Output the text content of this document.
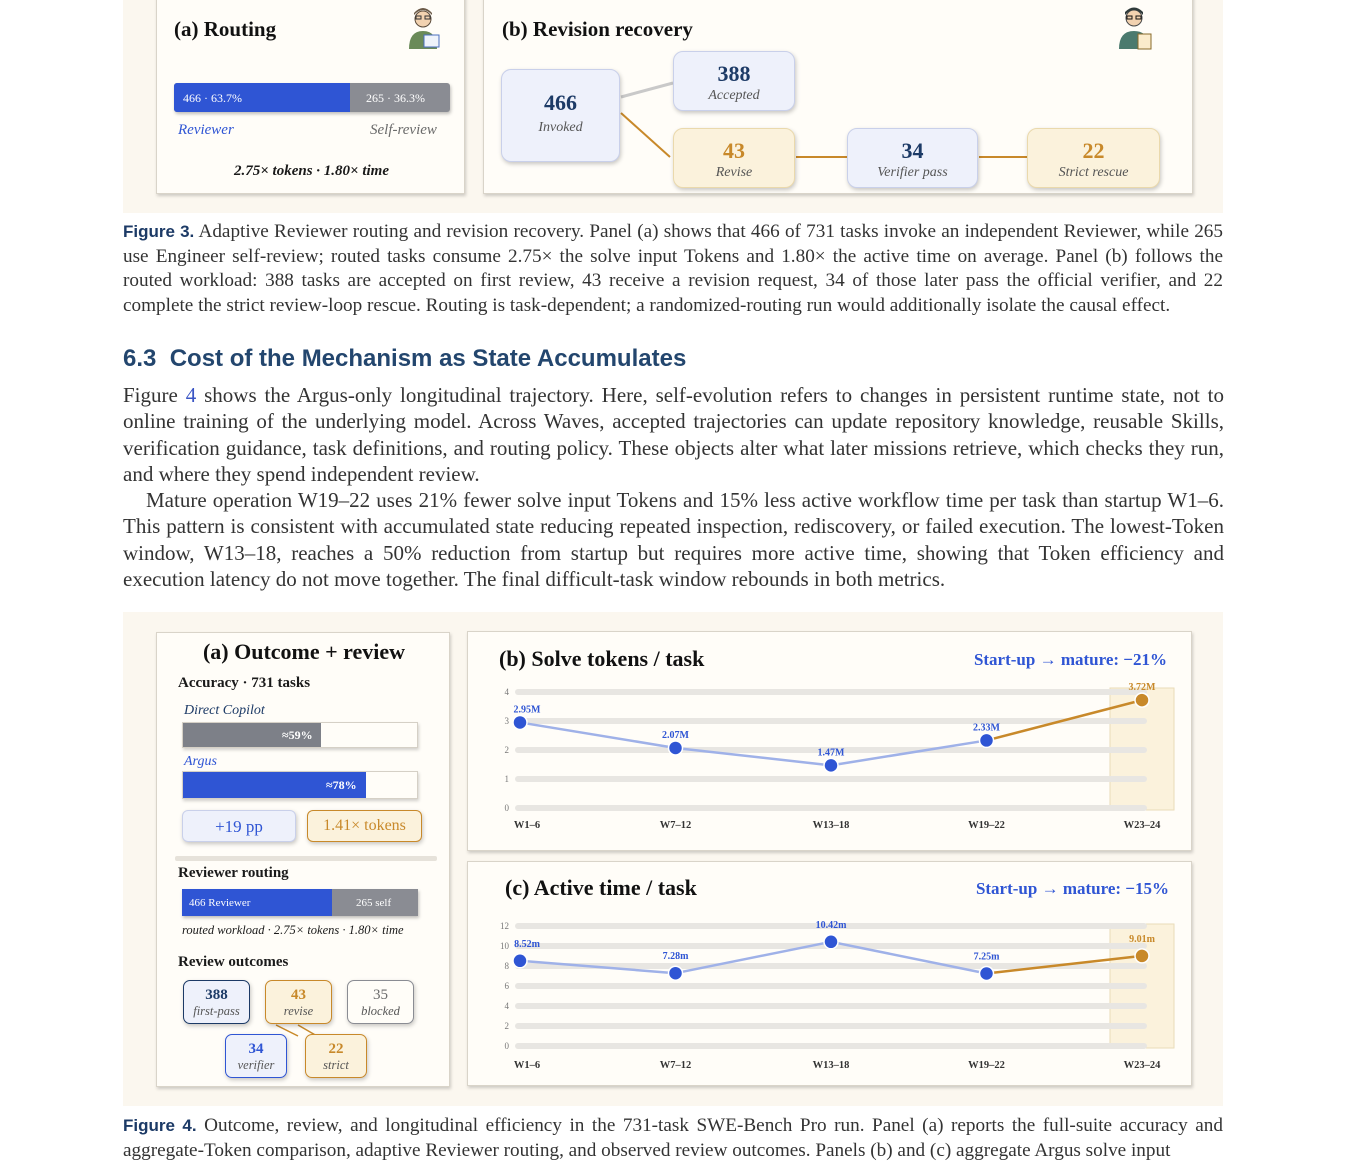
(a) Routing
466 · 63.7%	265 · 36.3%
Reviewer	Self-review
2.75× tokens · 1.80× time
(b) Revision recovery
466
Invoked
388
Accepted
43
Revise
34
Verifier pass
22
Strict rescue
Figure 3. Adaptive Reviewer routing and revision recovery. Panel (a) shows that 466 of 731 tasks invoke an independent Reviewer, while 265 use Engineer self-review; routed tasks consume 2.75× the solve input Tokens and 1.80× the active time on average. Panel (b) follows the routed workload: 388 tasks are accepted on first review, 43 receive a revision request, 34 of those later pass the official verifier, and 22 complete the strict review-loop rescue. Routing is task-dependent; a randomized-routing run would additionally isolate the causal effect.
6.3  Cost of the Mechanism as State Accumulates
Figure 4 shows the Argus-only longitudinal trajectory. Here, self-evolution refers to changes in persistent runtime state, not to online training of the underlying model. Across Waves, accepted trajectories can update repository knowledge, reusable Skills, verification guidance, task definitions, and routing policy. These objects alter what later missions retrieve, which checks they run, and where they spend independent review.
Mature operation W19–22 uses 21% fewer solve input Tokens and 15% less active workflow time per task than startup W1–6. This pattern is consistent with accumulated state reducing repeated inspection, rediscovery, or failed execution. The lowest-Token window, W13–18, reaches a 50% reduction from startup but requires more active time, showing that Token efficiency and execution latency do not move together. The final difficult-task window rebounds in both metrics.
(a) Outcome + review
Accuracy · 731 tasks
Direct Copilot
≈59%
Argus
≈78%
+19 pp	1.41× tokens
Reviewer routing
466 Reviewer	265 self
routed workload · 2.75× tokens · 1.80× time
Review outcomes
388
first-pass
43
revise
35
blocked
34
verifier
22
strict
(b) Solve tokens / task	Start-up → mature: −21%
0
1
2
3
4
2.95M
W1–6
2.07M
W7–12
1.47M
W13–18
2.33M
W19–22
3.72M
W23–24
(c) Active time / task	Start-up → mature: −15%
0
2
4
6
8
10
12
8.52m
W1–6
7.28m
W7–12
10.42m
W13–18
7.25m
W19–22
9.01m
W23–24
Figure 4. Outcome, review, and longitudinal efficiency in the 731-task SWE-Bench Pro run. Panel (a) reports the full-suite accuracy and aggregate-Token comparison, adaptive Reviewer routing, and observed review outcomes. Panels (b) and (c) aggregate Argus solve input
